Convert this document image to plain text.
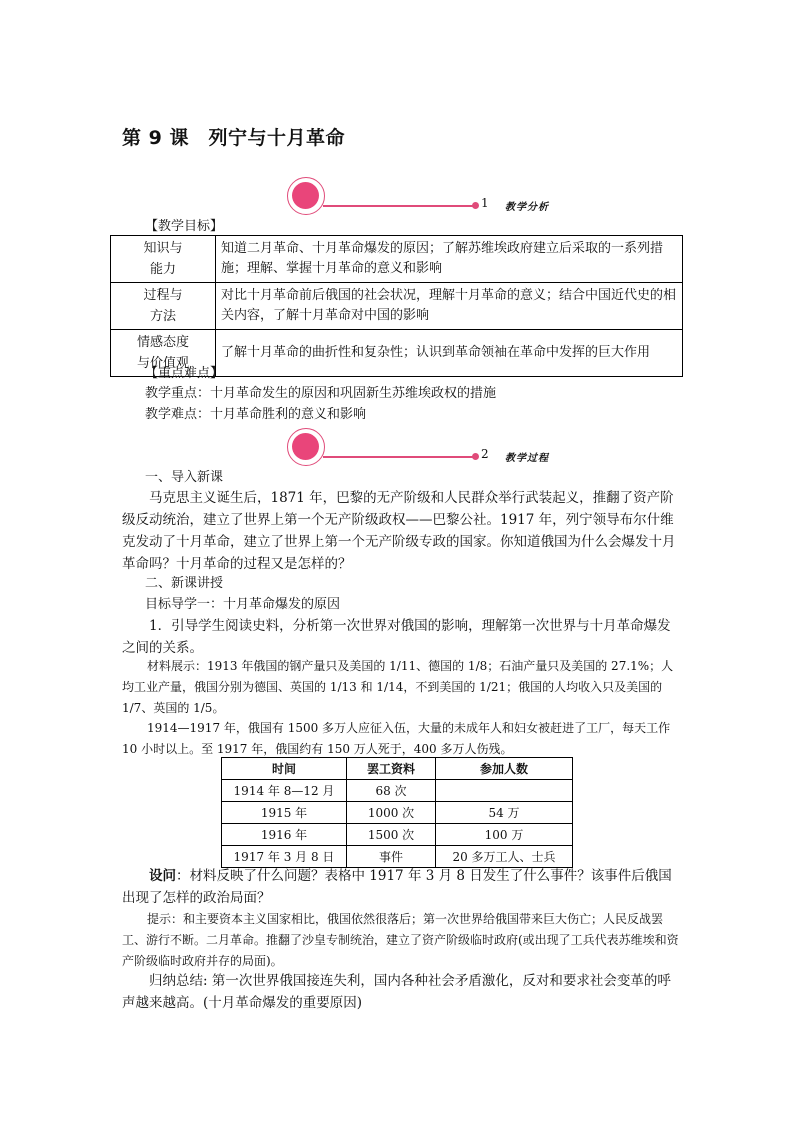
第 9 课　列宁与十月革命
1 教学分析
【教学目标】
知识与
能力	知道二月革命、十月革命爆发的原因；了解苏维埃政府建立后采取的一系列措施；理解、掌握十月革命的意义和影响
过程与
方法	对比十月革命前后俄国的社会状况，理解十月革命的意义；结合中国近代史的相关内容，了解十月革命对中国的影响
情感态度
与价值观	了解十月革命的曲折性和复杂性；认识到革命领袖在革命中发挥的巨大作用
【重点难点】
教学重点：十月革命发生的原因和巩固新生苏维埃政权的措施
教学难点：十月革命胜利的意义和影响
2 教学过程
一、导入新课

马克思主义诞生后，1871 年，巴黎的无产阶级和人民群众举行武装起义，推翻了资产阶级反动统治，建立了世界上第一个无产阶级政权——巴黎公社。1917 年，列宁领导布尔什维克发动了十月革命，建立了世界上第一个无产阶级专政的国家。你知道俄国为什么会爆发十月革命吗？十月革命的过程又是怎样的？

二、新课讲授
目标导学一：十月革命爆发的原因

1．引导学生阅读史料，分析第一次世界对俄国的影响，理解第一次世界与十月革命爆发之间的关系。

材料展示：1913 年俄国的钢产量只及美国的 1/11、德国的 1/8；石油产量只及美国的 27.1%；人均工业产量，俄国分别为德国、英国的 1/13 和 1/14，不到美国的 1/21；俄国的人均收入只及美国的 1/7、英国的 1/5。

1914—1917 年，俄国有 1500 多万人应征入伍，大量的未成年人和妇女被赶进了工厂，每天工作 10 小时以上。至 1917 年，俄国约有 150 万人死于，400 多万人伤残。

时间	罢工资料	参加人数
1914 年 8—12 月	68 次	
1915 年	1000 次	54 万
1916 年	1500 次	100 万
1917 年 3 月 8 日	事件	20 多万工人、士兵

设问：材料反映了什么问题？表格中 1917 年 3 月 8 日发生了什么事件？该事件后俄国出现了怎样的政治局面？

提示：和主要资本主义国家相比，俄国依然很落后；第一次世界给俄国带来巨大伤亡；人民反战罢工、游行不断。二月革命。推翻了沙皇专制统治，建立了资产阶级临时政府(或出现了工兵代表苏维埃和资产阶级临时政府并存的局面)。

归纳总结: 第一次世界俄国接连失利，国内各种社会矛盾激化，反对和要求社会变革的呼声越来越高。(十月革命爆发的重要原因)
